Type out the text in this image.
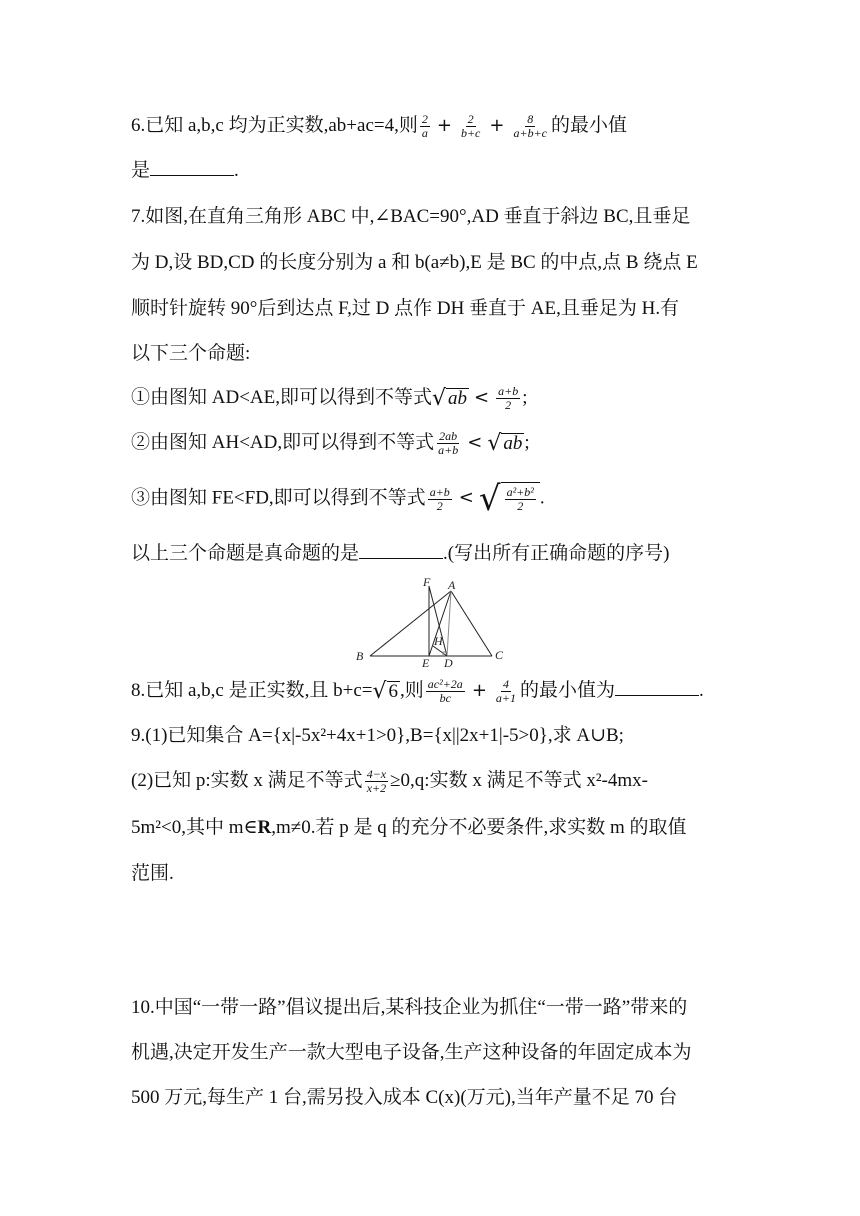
6.已知 a,b,c 均为正实数,ab+ac=4,则 $\frac{2}{a} + \frac{2}{b+c} + \frac{8}{a+b+c}$ 的最小值
是	.
7.如图,在直角三角形 ABC 中,∠BAC=90°,AD 垂直于斜边 BC,且垂足
为 D,设 BD,CD 的长度分别为 a 和 b(a≠b),E 是 BC 的中点,点 B 绕点 E
顺时针旋转 90°后到达点 F,过 D 点作 DH 垂直于 AE,且垂足为 H.有
以下三个命题:
①由图知 AD<AE,即可以得到不等式 √ ab < $\frac{a+b}{2}$ ;
②由图知 AH<AD,即可以得到不等式 $\frac{2ab}{a+b}$ < √ ab ;
③由图知 FE<FD,即可以得到不等式 $\frac{a+b}{2}$ < √ $\frac{\text{a²+b²}}{2}$ .
以上三个命题是真命题的是	.(写出所有正确命题的序号)
F A
H
B	E D
C
8.已知 a,b,c 是正实数,且 b+c= √ 6 ,则 $\frac{\text{ac²+2a}}{bc} + \frac{4}{a+1}$ 的最小值为	.
9.(1)已知集合 A={x|-5x²+4x+1>0},B={x||2x+1|-5>0},求 A∪B;
(2)已知 p:实数 x 满足不等式 $\frac{4-x}{x+2} \ge 0,q$:实数 x 满足不等式 x²-4mx-
5m²<0,其中 m∈R,m≠0.若 p 是 q 的充分不必要条件,求实数 m 的取值
范围.
10.中国“一带一路”倡议提出后,某科技企业为抓住“一带一路”带来的
机遇,决定开发生产一款大型电子设备,生产这种设备的年固定成本为
500 万元,每生产 1 台,需另投入成本 C(x)(万元),当年产量不足 70 台
